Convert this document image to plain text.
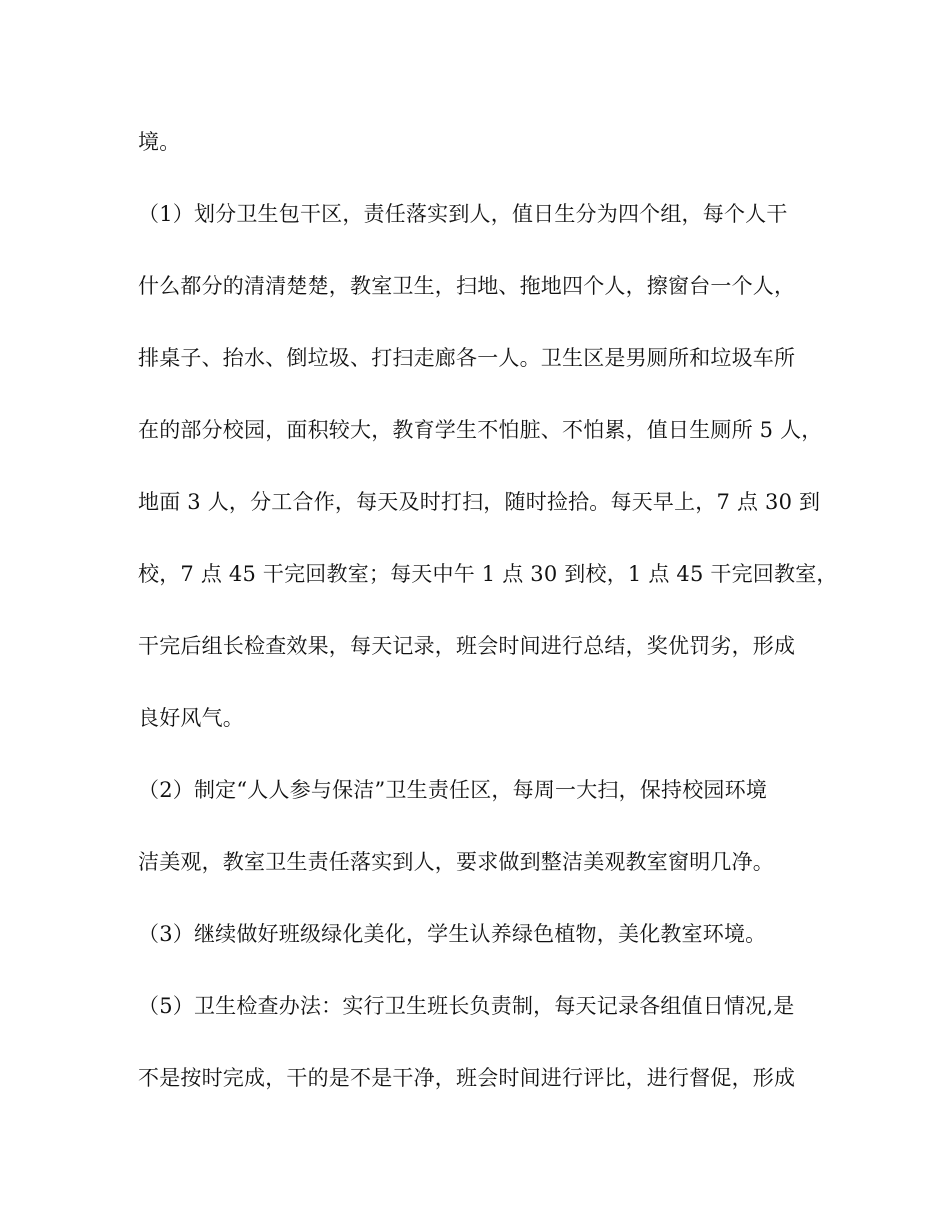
境。
（1）划分卫生包干区，责任落实到人，值日生分为四个组，每个人干
什么都分的清清楚楚，教室卫生，扫地、拖地四个人，擦窗台一个人，
排桌子、抬水、倒垃圾、打扫走廊各一人。卫生区是男厕所和垃圾车所
在的部分校园，面积较大，教育学生不怕脏、不怕累，值日生厕所 5 人，
地面 3 人，分工合作，每天及时打扫，随时捡拾。每天早上，7 点 30 到
校，7 点 45 干完回教室；每天中午 1 点 30 到校，1 点 45 干完回教室，
干完后组长检查效果，每天记录，班会时间进行总结，奖优罚劣，形成
良好风气。
（2）制定“人人参与保洁”卫生责任区，每周一大扫，保持校园环境
洁美观，教室卫生责任落实到人，要求做到整洁美观教室窗明几净。
（3）继续做好班级绿化美化，学生认养绿色植物，美化教室环境。
（5）卫生检查办法：实行卫生班长负责制，每天记录各组值日情况,是
不是按时完成，干的是不是干净，班会时间进行评比，进行督促，形成
